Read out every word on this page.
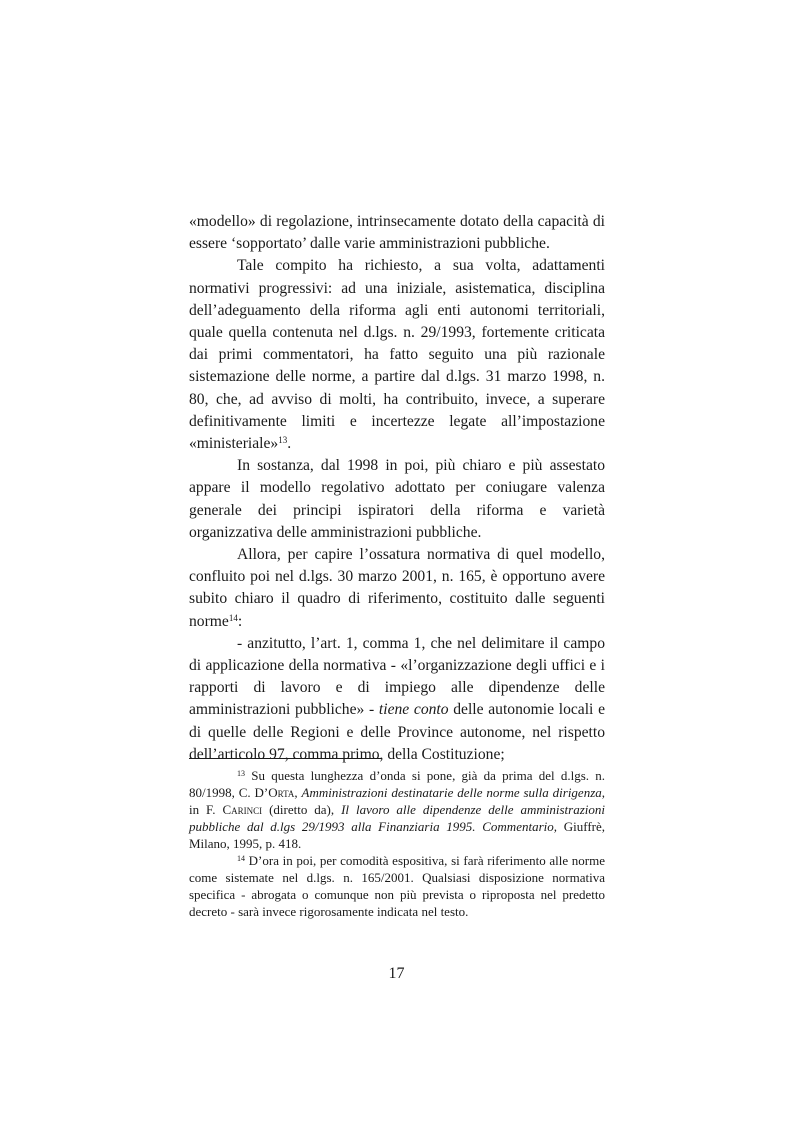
«modello» di regolazione, intrinsecamente dotato della capacità di essere ‘sopportato’ dalle varie amministrazioni pubbliche.

Tale compito ha richiesto, a sua volta, adattamenti normativi progressivi: ad una iniziale, asistematica, disciplina dell’adeguamento della riforma agli enti autonomi territoriali, quale quella contenuta nel d.lgs. n. 29/1993, fortemente criticata dai primi commentatori, ha fatto seguito una più razionale sistemazione delle norme, a partire dal d.lgs. 31 marzo 1998, n. 80, che, ad avviso di molti, ha contribuito, invece, a superare definitivamente limiti e incertezze legate all’impostazione «ministeriale»$^{13}$.

In sostanza, dal 1998 in poi, più chiaro e più assestato appare il modello regolativo adottato per coniugare valenza generale dei principi ispiratori della riforma e varietà organizzativa delle amministrazioni pubbliche.

Allora, per capire l’ossatura normativa di quel modello, confluito poi nel d.lgs. 30 marzo 2001, n. 165, è opportuno avere subito chiaro il quadro di riferimento, costituito dalle seguenti norme$^{14}$:

- anzitutto, l’art. 1, comma 1, che nel delimitare il campo di applicazione della normativa - «l’organizzazione degli uffici e i rapporti di lavoro e di impiego alle dipendenze delle amministrazioni pubbliche» - tiene conto delle autonomie locali e di quelle delle Regioni e delle Province autonome, nel rispetto dell’articolo 97, comma primo, della Costituzione;

$^{13}$ Su questa lunghezza d’onda si pone, già da prima del d.lgs. n. 80/1998, C. D’Orta, Amministrazioni destinatarie delle norme sulla dirigenza, in F. Carinci (diretto da), Il lavoro alle dipendenze delle amministrazioni pubbliche dal d.lgs 29/1993 alla Finanziaria 1995. Commentario, Giuffrè, Milano, 1995, p. 418.

$^{14}$ D’ora in poi, per comodità espositiva, si farà riferimento alle norme come sistemate nel d.lgs. n. 165/2001. Qualsiasi disposizione normativa specifica - abrogata o comunque non più prevista o riproposta nel predetto decreto - sarà invece rigorosamente indicata nel testo.

17
